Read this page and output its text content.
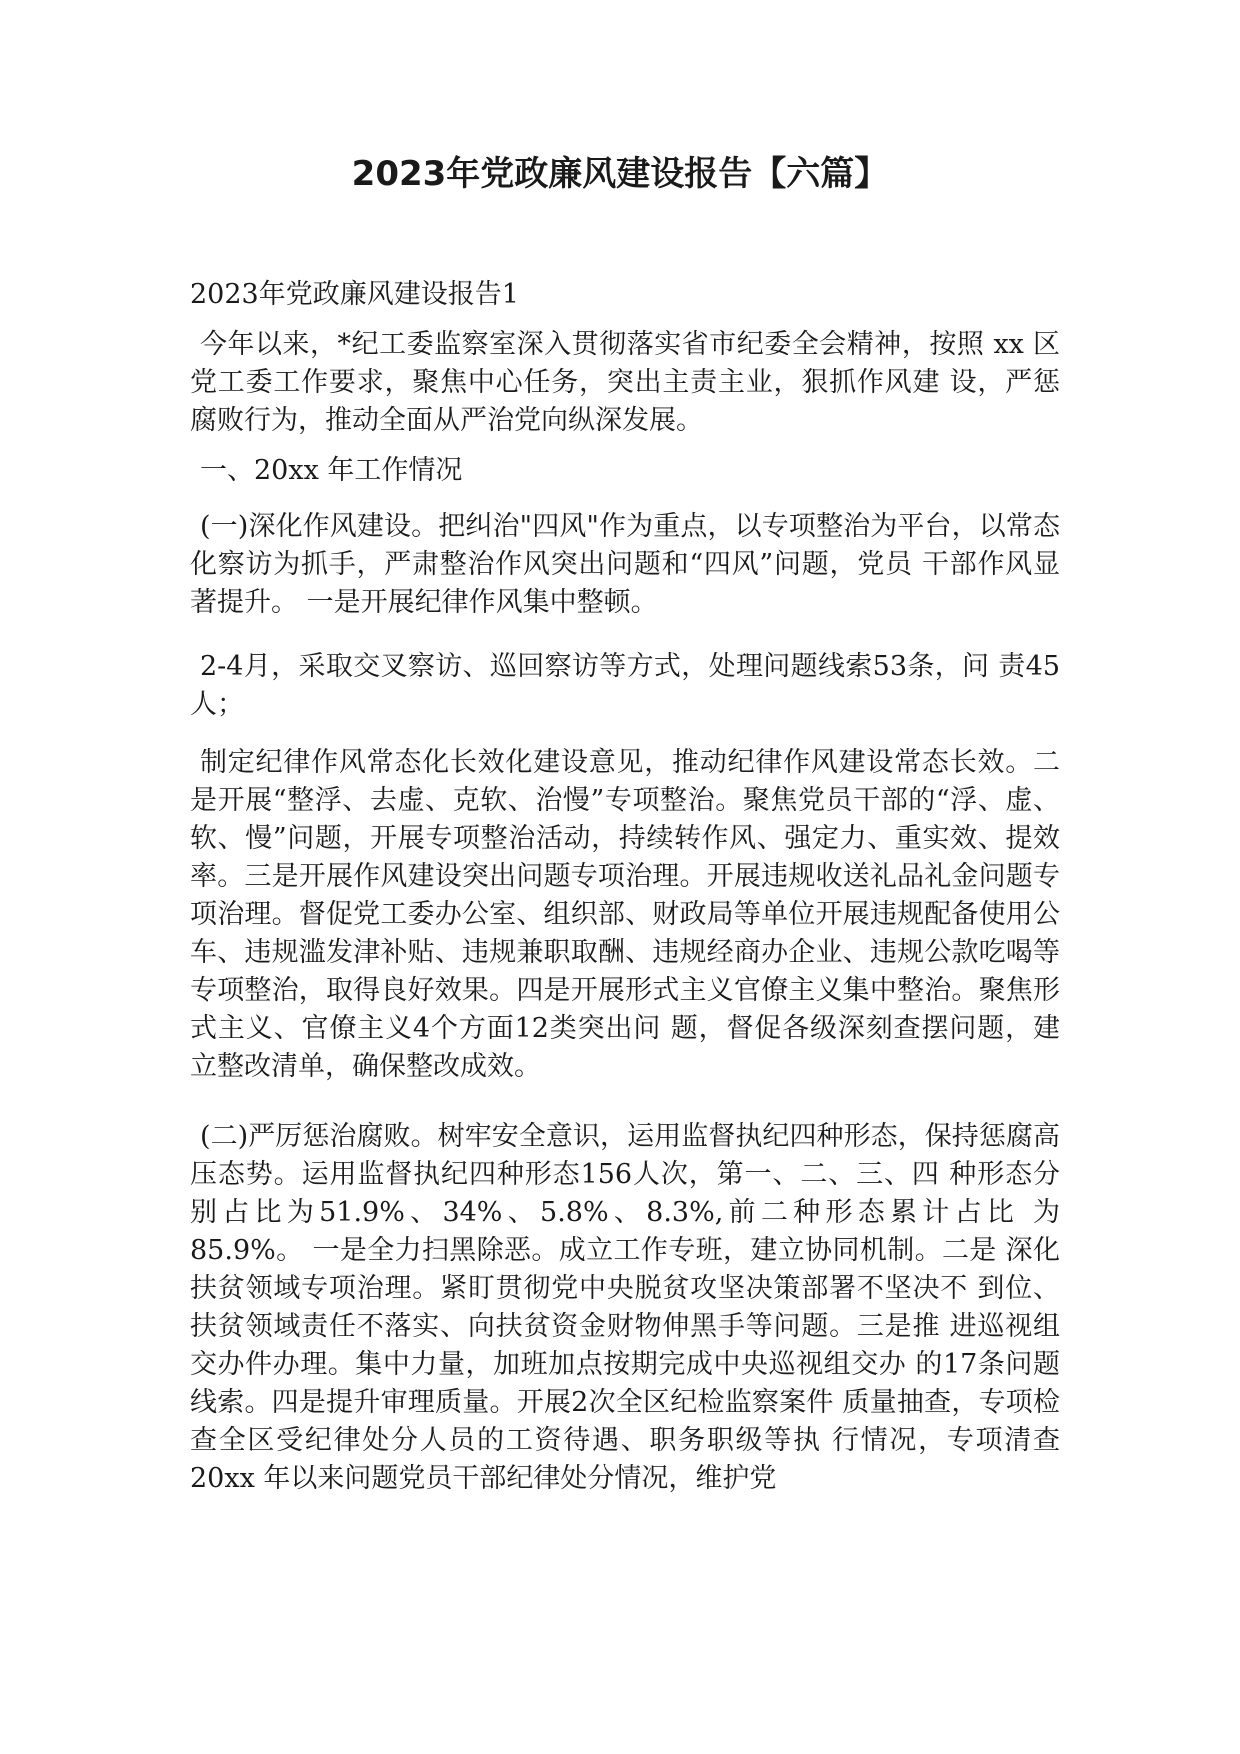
2023年党政廉风建设报告【六篇】

2023年党政廉风建设报告1

今年以来，*纪工委监察室深入贯彻落实省市纪委全会精神，按照 xx 区党工委工作要求，聚焦中心任务，突出主责主业，狠抓作风建 设，严惩腐败行为，推动全面从严治党向纵深发展。

一、20xx 年工作情况

(一)深化作风建设。把纠治"四风"作为重点，以专项整治为平台，以常态化察访为抓手，严肃整治作风突出问题和“四风”问题，党员 干部作风显著提升。 一是开展纪律作风集中整顿。

2-4月，采取交叉察访、巡回察访等方式，处理问题线索53条，问 责45人；

制定纪律作风常态化长效化建设意见，推动纪律作风建设常态长效。二是开展“整浮、去虚、克软、治慢”专项整治。聚焦党员干部的“浮、虚、软、慢”问题，开展专项整治活动，持续转作风、强定力、重实效、提效率。三是开展作风建设突出问题专项治理。开展违规收送礼品礼金问题专项治理。督促党工委办公室、组织部、财政局等单位开展违规配备使用公车、违规滥发津补贴、违规兼职取酬、违规经商办企业、违规公款吃喝等专项整治，取得良好效果。四是开展形式主义官僚主义集中整治。聚焦形式主义、官僚主义4个方面12类突出问 题，督促各级深刻查摆问题，建立整改清单，确保整改成效。

(二)严厉惩治腐败。树牢安全意识，运用监督执纪四种形态，保持惩腐高压态势。运用监督执纪四种形态156人次，第一、二、三、四 种形态分别占比为51.9%、34%、5.8%、8.3%,前二种形态累计占比 为85.9%。 一是全力扫黑除恶。成立工作专班，建立协同机制。二是 深化扶贫领域专项治理。紧盯贯彻党中央脱贫攻坚决策部署不坚决不 到位、扶贫领域责任不落实、向扶贫资金财物伸黑手等问题。三是推 进巡视组交办件办理。集中力量，加班加点按期完成中央巡视组交办 的17条问题线索。四是提升审理质量。开展2次全区纪检监察案件 质量抽查，专项检查全区受纪律处分人员的工资待遇、职务职级等执 行情况，专项清查20xx 年以来问题党员干部纪律处分情况，维护党
